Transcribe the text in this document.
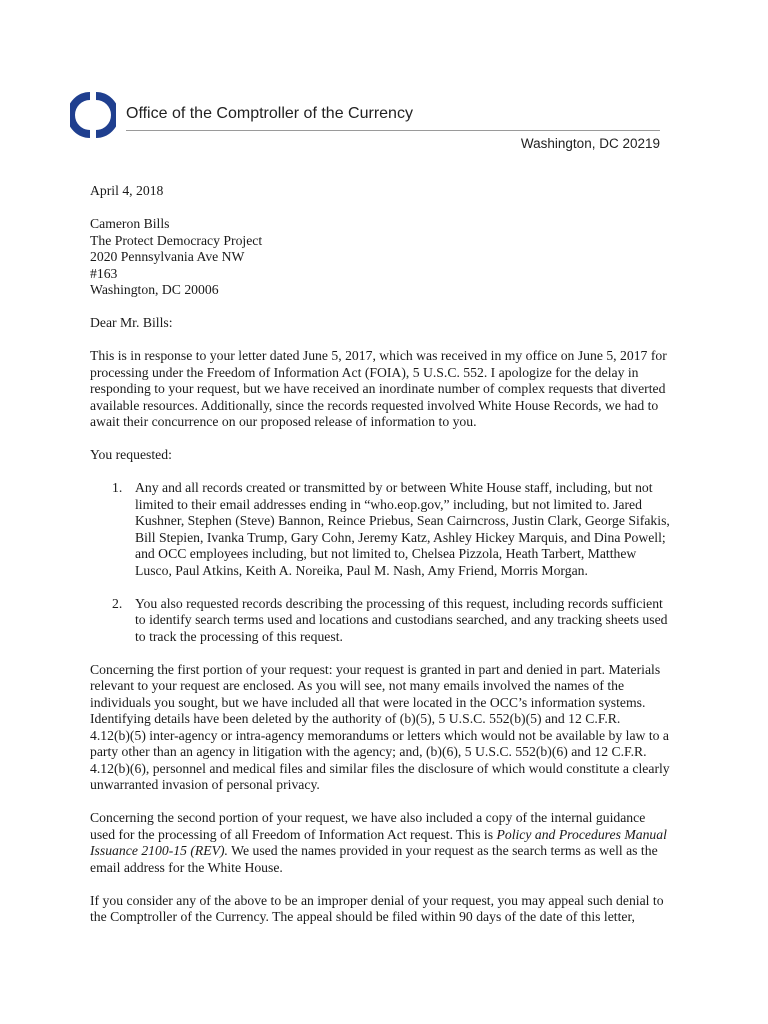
Office of the Comptroller of the Currency
Washington, DC 20219

April 4, 2018

Cameron Bills
The Protect Democracy Project
2020 Pennsylvania Ave NW
#163
Washington, DC 20006

Dear Mr. Bills:

This is in response to your letter dated June 5, 2017, which was received in my office on June 5, 2017 for
processing under the Freedom of Information Act (FOIA), 5 U.S.C. 552. I apologize for the delay in
responding to your request, but we have received an inordinate number of complex requests that diverted
available resources. Additionally, since the records requested involved White House Records, we had to
await their concurrence on our proposed release of information to you.

You requested:

1. Any and all records created or transmitted by or between White House staff, including, but not
limited to their email addresses ending in “who.eop.gov,” including, but not limited to. Jared
Kushner, Stephen (Steve) Bannon, Reince Priebus, Sean Cairncross, Justin Clark, George Sifakis,
Bill Stepien, Ivanka Trump, Gary Cohn, Jeremy Katz, Ashley Hickey Marquis, and Dina Powell;
and OCC employees including, but not limited to, Chelsea Pizzola, Heath Tarbert, Matthew
Lusco, Paul Atkins, Keith A. Noreika, Paul M. Nash, Amy Friend, Morris Morgan.
2. You also requested records describing the processing of this request, including records sufficient
to identify search terms used and locations and custodians searched, and any tracking sheets used
to track the processing of this request.
Concerning the first portion of your request: your request is granted in part and denied in part. Materials
relevant to your request are enclosed. As you will see, not many emails involved the names of the
individuals you sought, but we have included all that were located in the OCC’s information systems.
Identifying details have been deleted by the authority of (b)(5), 5 U.S.C. 552(b)(5) and 12 C.F.R.
4.12(b)(5) inter-agency or intra-agency memorandums or letters which would not be available by law to a
party other than an agency in litigation with the agency; and, (b)(6), 5 U.S.C. 552(b)(6) and 12 C.F.R.
4.12(b)(6), personnel and medical files and similar files the disclosure of which would constitute a clearly
unwarranted invasion of personal privacy.
Concerning the second portion of your request, we have also included a copy of the internal guidance
used for the processing of all Freedom of Information Act request. This is Policy and Procedures Manual
Issuance 2100-15 (REV). We used the names provided in your request as the search terms as well as the
email address for the White House.
If you consider any of the above to be an improper denial of your request, you may appeal such denial to
the Comptroller of the Currency. The appeal should be filed within 90 days of the date of this letter,
